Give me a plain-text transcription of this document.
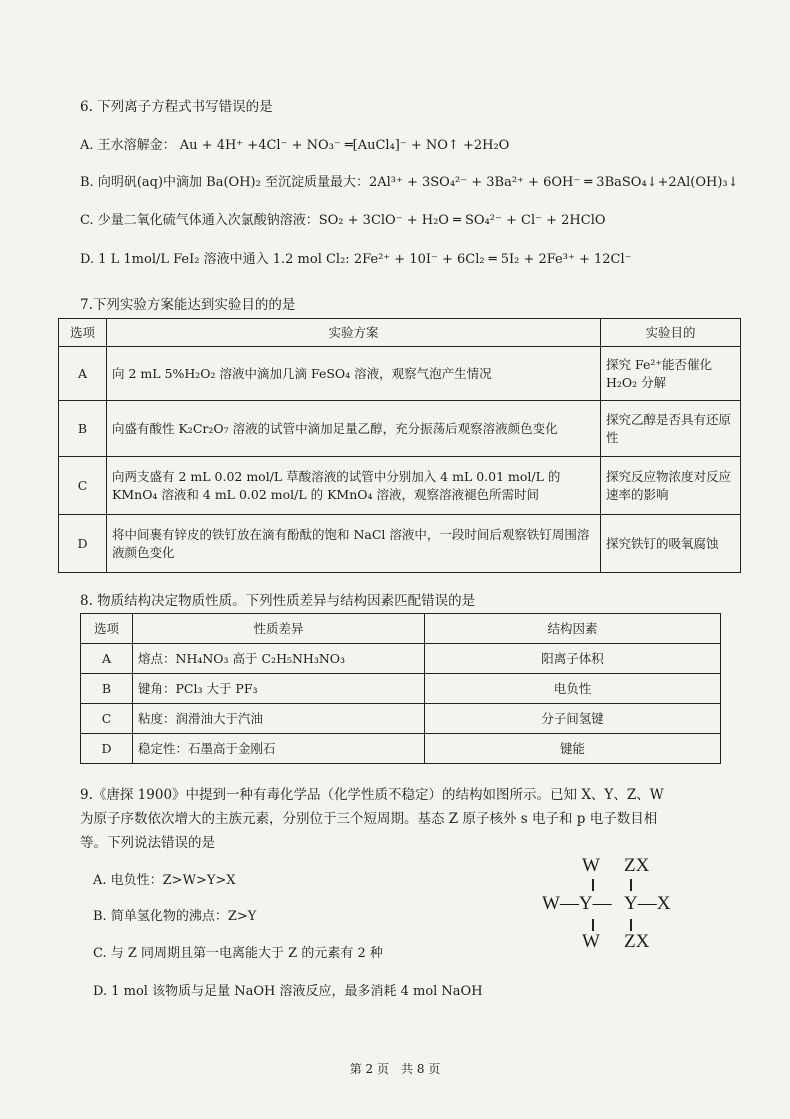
6. 下列离子方程式书写错误的是
A. 王水溶解金： Au + 4H⁺ +4Cl⁻ + NO₃⁻ ═[AuCl₄]⁻ + NO↑ +2H₂O
B. 向明矾(aq)中滴加 Ba(OH)₂ 至沉淀质量最大：2Al³⁺ + 3SO₄²⁻ + 3Ba²⁺ + 6OH⁻ ═ 3BaSO₄↓+2Al(OH)₃↓
C. 少量二氧化硫气体通入次氯酸钠溶液：SO₂ + 3ClO⁻ + H₂O ═ SO₄²⁻ + Cl⁻ + 2HClO
D. 1 L 1mol/L FeI₂ 溶液中通入 1.2 mol Cl₂: 2Fe²⁺ + 10I⁻ + 6Cl₂ ═ 5I₂ + 2Fe³⁺ + 12Cl⁻
7.下列实验方案能达到实验目的的是
选项	实验方案	实验目的
A	向 2 mL 5%H₂O₂ 溶液中滴加几滴 FeSO₄ 溶液，观察气泡产生情况	探究 Fe²⁺能否催化 H₂O₂ 分解
B	向盛有酸性 K₂Cr₂O₇ 溶液的试管中滴加足量乙醇，充分振荡后观察溶液颜色变化	探究乙醇是否具有还原性
C	向两支盛有 2 mL 0.02 mol/L 草酸溶液的试管中分别加入 4 mL 0.01 mol/L 的 KMnO₄ 溶液和 4 mL 0.02 mol/L 的 KMnO₄ 溶液，观察溶液褪色所需时间	探究反应物浓度对反应速率的影响
D	将中间裹有锌皮的铁钉放在滴有酚酞的饱和 NaCl 溶液中，一段时间后观察铁钉周围溶液颜色变化	探究铁钉的吸氧腐蚀
8. 物质结构决定物质性质。下列性质差异与结构因素匹配错误的是
选项	性质差异	结构因素
A	熔点：NH₄NO₃ 高于 C₂H₅NH₃NO₃	阳离子体积
B	键角：PCl₃ 大于 PF₃	电负性
C	粘度：润滑油大于汽油	分子间氢键
D	稳定性：石墨高于金刚石	键能
9.《唐探 1900》中提到一种有毒化学品（化学性质不稳定）的结构如图所示。已知 X、Y、Z、W
为原子序数依次增大的主族元素，分别位于三个短周期。基态 Z 原子核外 s 电子和 p 电子数目相
等。下列说法错误的是
A. 电负性：Z>W>Y>X
B. 简单氢化物的沸点：Z>Y
C. 与 Z 同周期且第一电离能大于 Z 的元素有 2 种
D. 1 mol 该物质与足量 NaOH 溶液反应，最多消耗 4 mol NaOH
W ZX
W—Y— Y—X
W ZX
第 2 页　共 8 页
